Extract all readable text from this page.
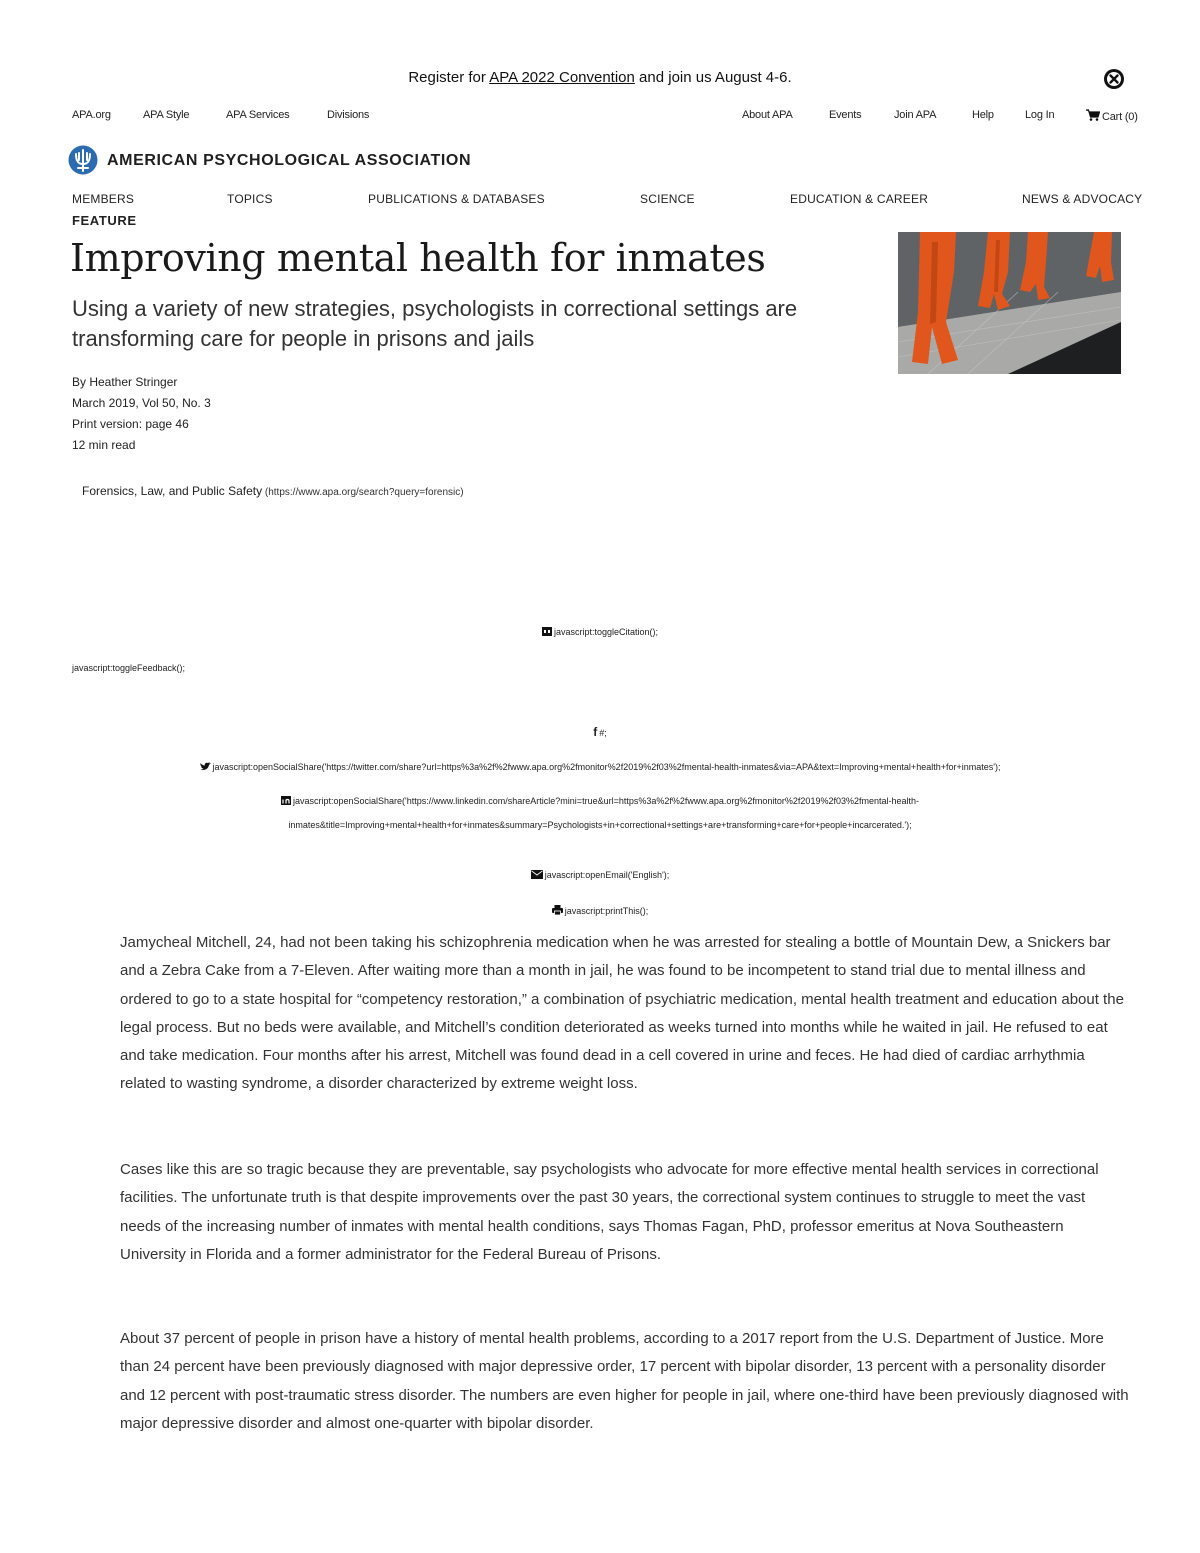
Register for APA 2022 Convention and join us August 4-6.
APA.org	APA Style	APA Services	Divisions	About APA	Events	Join APA	Help	Log In	Cart (0)
AMERICAN PSYCHOLOGICAL ASSOCIATION
MEMBERS	TOPICS	PUBLICATIONS & DATABASES	SCIENCE	EDUCATION & CAREER	NEWS & ADVOCACY
FEATURE
Improving mental health for inmates
Using a variety of new strategies, psychologists in correctional settings are transforming care for people in prisons and jails
By Heather Stringer
March 2019, Vol 50, No. 3
Print version: page 46
12 min read
Forensics, Law, and Public Safety (https://www.apa.org/search?query=forensic)
javascript:toggleCitation();
javascript:toggleFeedback();
f #;
javascript:openSocialShare('https://twitter.com/share?url=https%3a%2f%2fwww.apa.org%2fmonitor%2f2019%2f03%2fmental-health-inmates&via=APA&text=Improving+mental+health+for+inmates');
javascript:openSocialShare('https://www.linkedin.com/shareArticle?mini=true&url=https%3a%2f%2fwww.apa.org%2fmonitor%2f2019%2f03%2fmental-health-
inmates&title=Improving+mental+health+for+inmates&summary=Psychologists+in+correctional+settings+are+transforming+care+for+people+incarcerated.');
javascript:openEmail('English');
javascript:printThis();

Jamycheal Mitchell, 24, had not been taking his schizophrenia medication when he was arrested for stealing a bottle of Mountain Dew, a Snickers bar and a Zebra Cake from a 7-Eleven. After waiting more than a month in jail, he was found to be incompetent to stand trial due to mental illness and ordered to go to a state hospital for “competency restoration,” a combination of psychiatric medication, mental health treatment and education about the legal process. But no beds were available, and Mitchell’s condition deteriorated as weeks turned into months while he waited in jail. He refused to eat and take medication. Four months after his arrest, Mitchell was found dead in a cell covered in urine and feces. He had died of cardiac arrhythmia related to wasting syndrome, a disorder characterized by extreme weight loss.

Cases like this are so tragic because they are preventable, say psychologists who advocate for more effective mental health services in correctional facilities. The unfortunate truth is that despite improvements over the past 30 years, the correctional system continues to struggle to meet the vast needs of the increasing number of inmates with mental health conditions, says Thomas Fagan, PhD, professor emeritus at Nova Southeastern University in Florida and a former administrator for the Federal Bureau of Prisons.

About 37 percent of people in prison have a history of mental health problems, according to a 2017 report from the U.S. Department of Justice. More than 24 percent have been previously diagnosed with major depressive order, 17 percent with bipolar disorder, 13 percent with a personality disorder and 12 percent with post-traumatic stress disorder. The numbers are even higher for people in jail, where one-third have been previously diagnosed with major depressive disorder and almost one-quarter with bipolar disorder.
